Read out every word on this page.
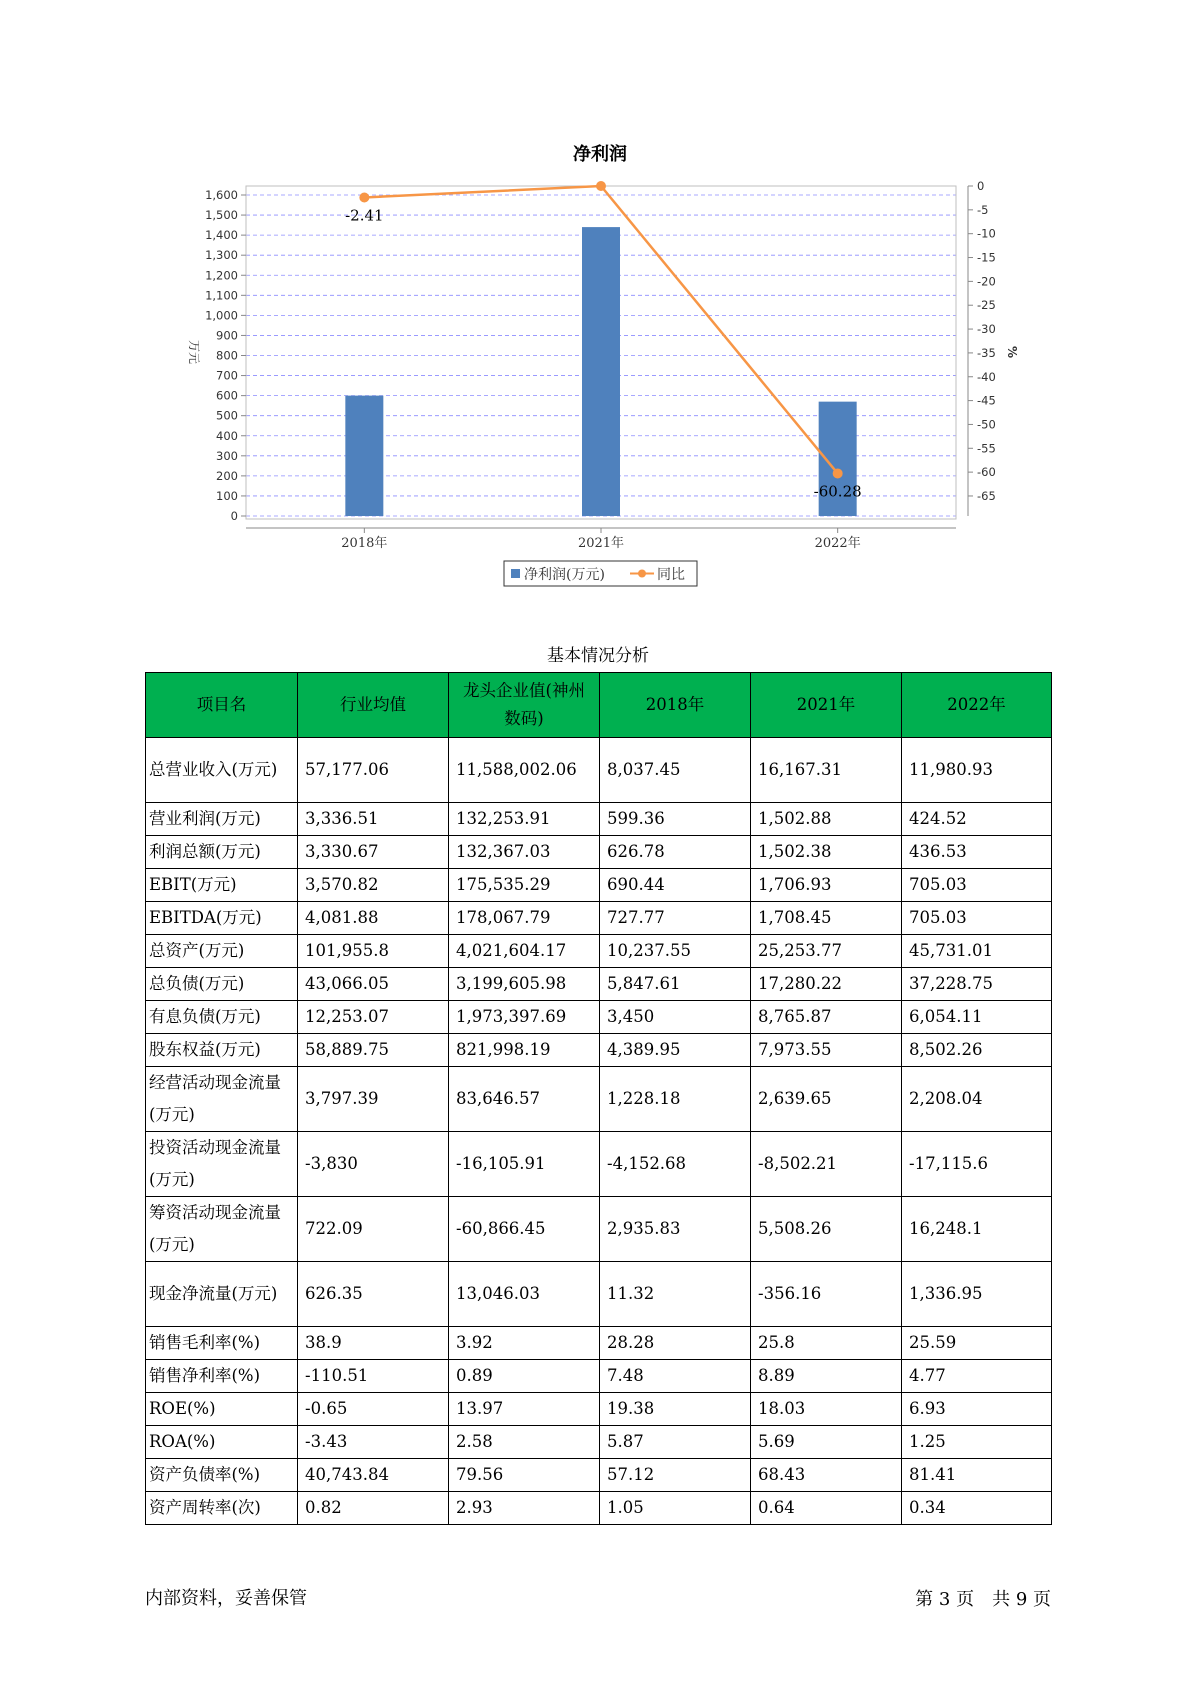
净利润
0
100
200
300
400
500
600
700
800
900
1,000
1,100
1,200
1,300
1,400
1,500
1,600
0
-5
-10
-15
-20
-25
-30
-35
-40
-45
-50
-55
-60
-65
2018年	2021年	2022年
-2.41
-60.28
万元	%
净利润(万元)	同比
基本情况分析
项目名	行业均值	龙头企业值(神州数码)	2018年	2021年	2022年
总营业收入(万元)	57,177.06	11,588,002.06	8,037.45	16,167.31	11,980.93
营业利润(万元)	3,336.51	132,253.91	599.36	1,502.88	424.52
利润总额(万元)	3,330.67	132,367.03	626.78	1,502.38	436.53
EBIT(万元)	3,570.82	175,535.29	690.44	1,706.93	705.03
EBITDA(万元)	4,081.88	178,067.79	727.77	1,708.45	705.03
总资产(万元)	101,955.8	4,021,604.17	10,237.55	25,253.77	45,731.01
总负债(万元)	43,066.05	3,199,605.98	5,847.61	17,280.22	37,228.75
有息负债(万元)	12,253.07	1,973,397.69	3,450	8,765.87	6,054.11
股东权益(万元)	58,889.75	821,998.19	4,389.95	7,973.55	8,502.26
经营活动现金流量(万元)	3,797.39	83,646.57	1,228.18	2,639.65	2,208.04
投资活动现金流量(万元)	-3,830	-16,105.91	-4,152.68	-8,502.21	-17,115.6
筹资活动现金流量(万元)	722.09	-60,866.45	2,935.83	5,508.26	16,248.1
现金净流量(万元)	626.35	13,046.03	11.32	-356.16	1,336.95
销售毛利率(%)	38.9	3.92	28.28	25.8	25.59
销售净利率(%)	-110.51	0.89	7.48	8.89	4.77
ROE(%)	-0.65	13.97	19.38	18.03	6.93
ROA(%)	-3.43	2.58	5.87	5.69	1.25
资产负债率(%)	40,743.84	79.56	57.12	68.43	81.41
资产周转率(次)	0.82	2.93	1.05	0.64	0.34
内部资料，妥善保管	第 3 页　共 9 页
